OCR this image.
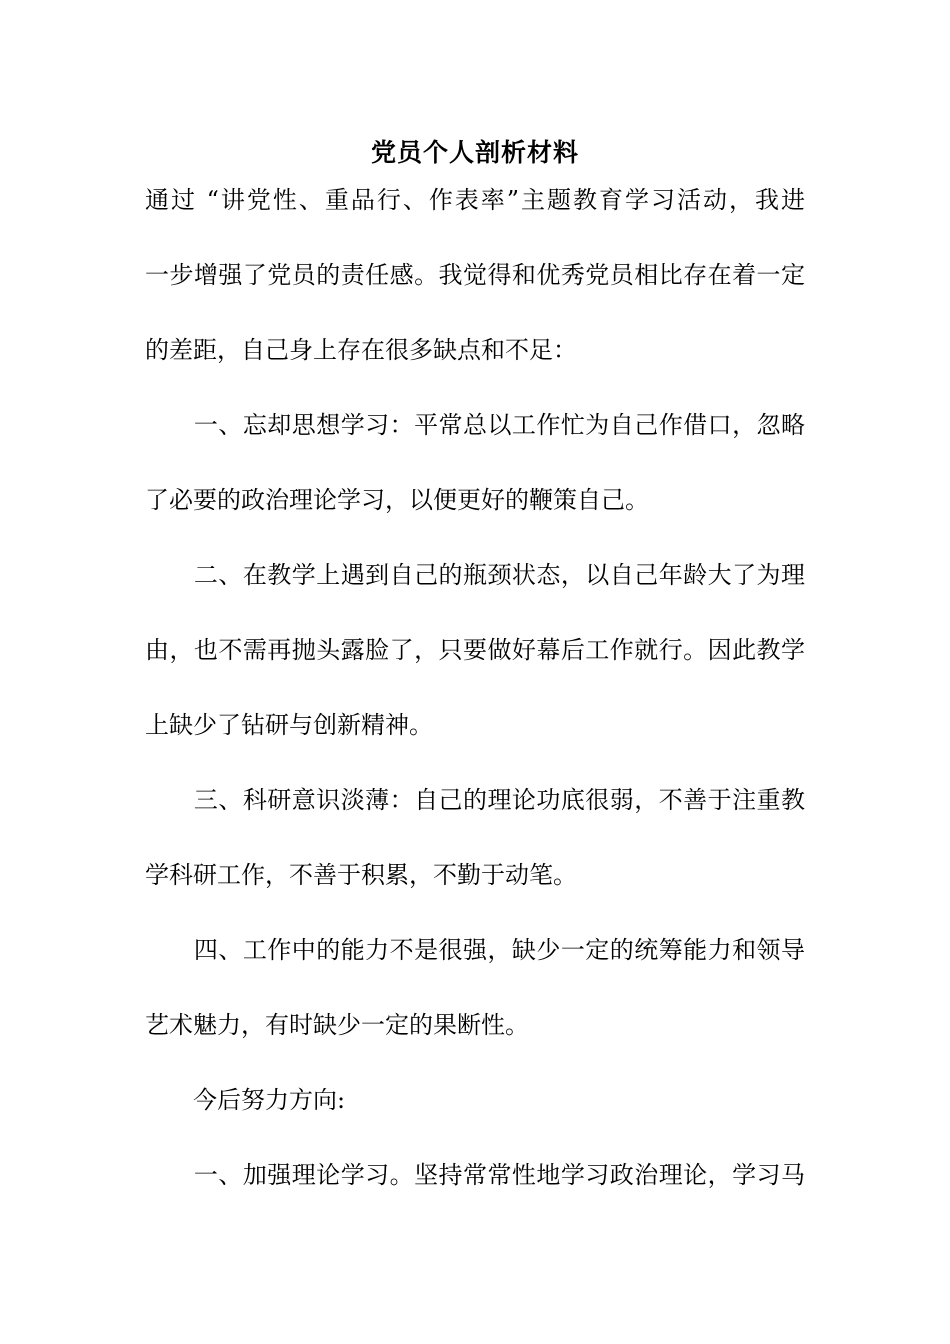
党员个人剖析材料

通过 “讲党性、重品行、作表率”主题教育学习活动，我进

一步增强了党员的责任感。我觉得和优秀党员相比存在着一定

的差距，自己身上存在很多缺点和不足：

　　一、忘却思想学习：平常总以工作忙为自己作借口，忽略

了必要的政治理论学习，以便更好的鞭策自己。

　　二、在教学上遇到自己的瓶颈状态，以自己年龄大了为理

由，也不需再抛头露脸了，只要做好幕后工作就行。因此教学

上缺少了钻研与创新精神。

　　三、科研意识淡薄：自己的理论功底很弱，不善于注重教

学科研工作，不善于积累，不勤于动笔。

　　四、工作中的能力不是很强，缺少一定的统筹能力和领导

艺术魅力，有时缺少一定的果断性。

　　今后努力方向:

　　一、加强理论学习。坚持常常性地学习政治理论，学习马
